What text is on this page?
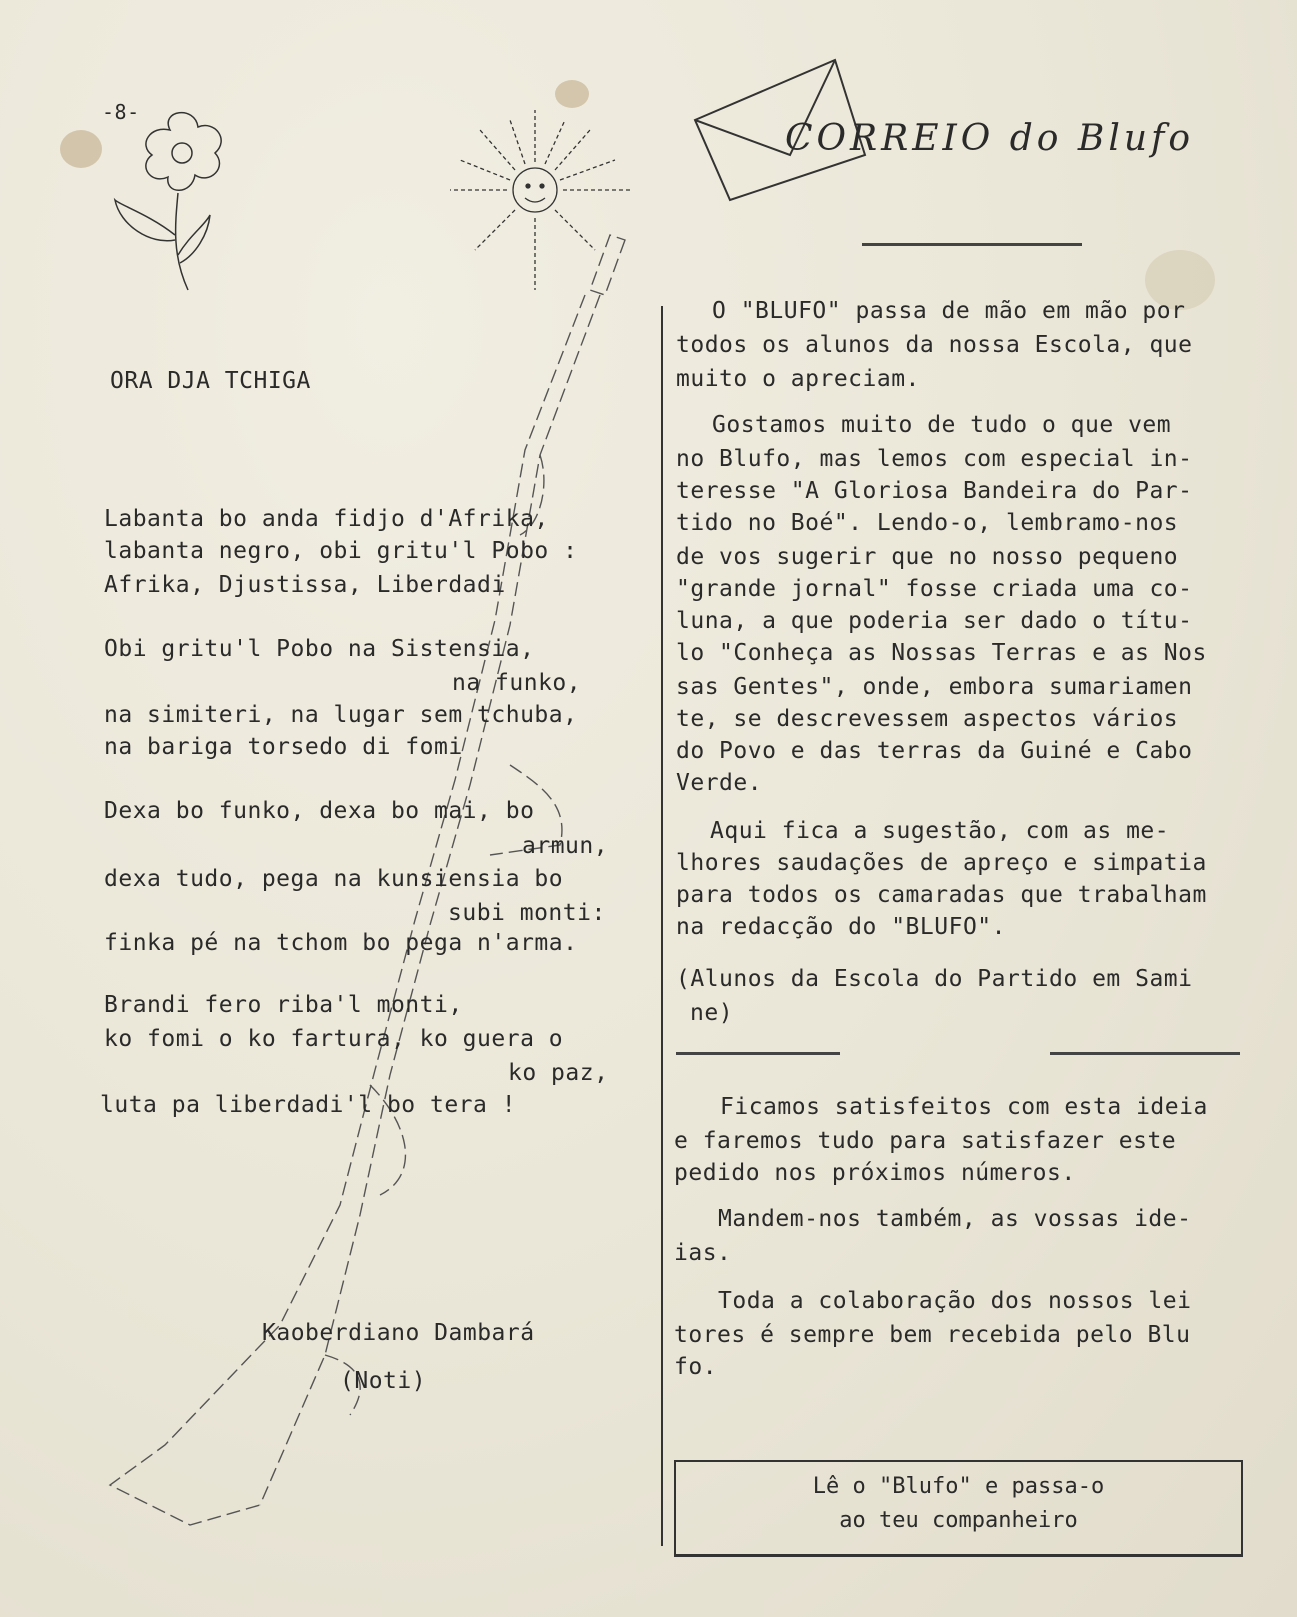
-8-
CORREIO do Blufo
ORA DJA TCHIGA
Labanta bo anda fidjo d'Afrika,
labanta negro, obi gritu'l Pobo :
Afrika, Djustissa, Liberdadi
Obi gritu'l Pobo na Sistensia,
na funko,
na simiteri, na lugar sem tchuba,
na bariga torsedo di fomi
Dexa bo funko, dexa bo mai, bo
armun,
dexa tudo, pega na kunsiensia bo
subi monti:
finka pé na tchom bo pega n'arma.
Brandi fero riba'l monti,
ko fomi o ko fartura, ko guera o
ko paz,
luta pa liberdadi'l bo tera !
Kaoberdiano Dambará
(Noti)
O "BLUFO" passa de mão em mão por
todos os alunos da nossa Escola, que
muito o apreciam.
Gostamos muito de tudo o que vem
no Blufo, mas lemos com especial in-
teresse "A Gloriosa Bandeira do Par-
tido no Boé". Lendo-o, lembramo-nos
de vos sugerir que no nosso pequeno
"grande jornal" fosse criada uma co-
luna, a que poderia ser dado o títu-
lo "Conheça as Nossas Terras e as Nos
sas Gentes", onde, embora sumariamen
te, se descrevessem aspectos vários
do Povo e das terras da Guiné e Cabo
Verde.
Aqui fica a sugestão, com as me-
lhores saudações de apreço e simpatia
para todos os camaradas que trabalham
na redacção do "BLUFO".
(Alunos da Escola do Partido em Sami
ne)
Ficamos satisfeitos com esta ideia
e faremos tudo para satisfazer este
pedido nos próximos números.
Mandem-nos também, as vossas ide-
ias.
Toda a colaboração dos nossos lei
tores é sempre bem recebida pelo Blu
fo.
Lê o "Blufo" e passa-o
ao teu companheiro
